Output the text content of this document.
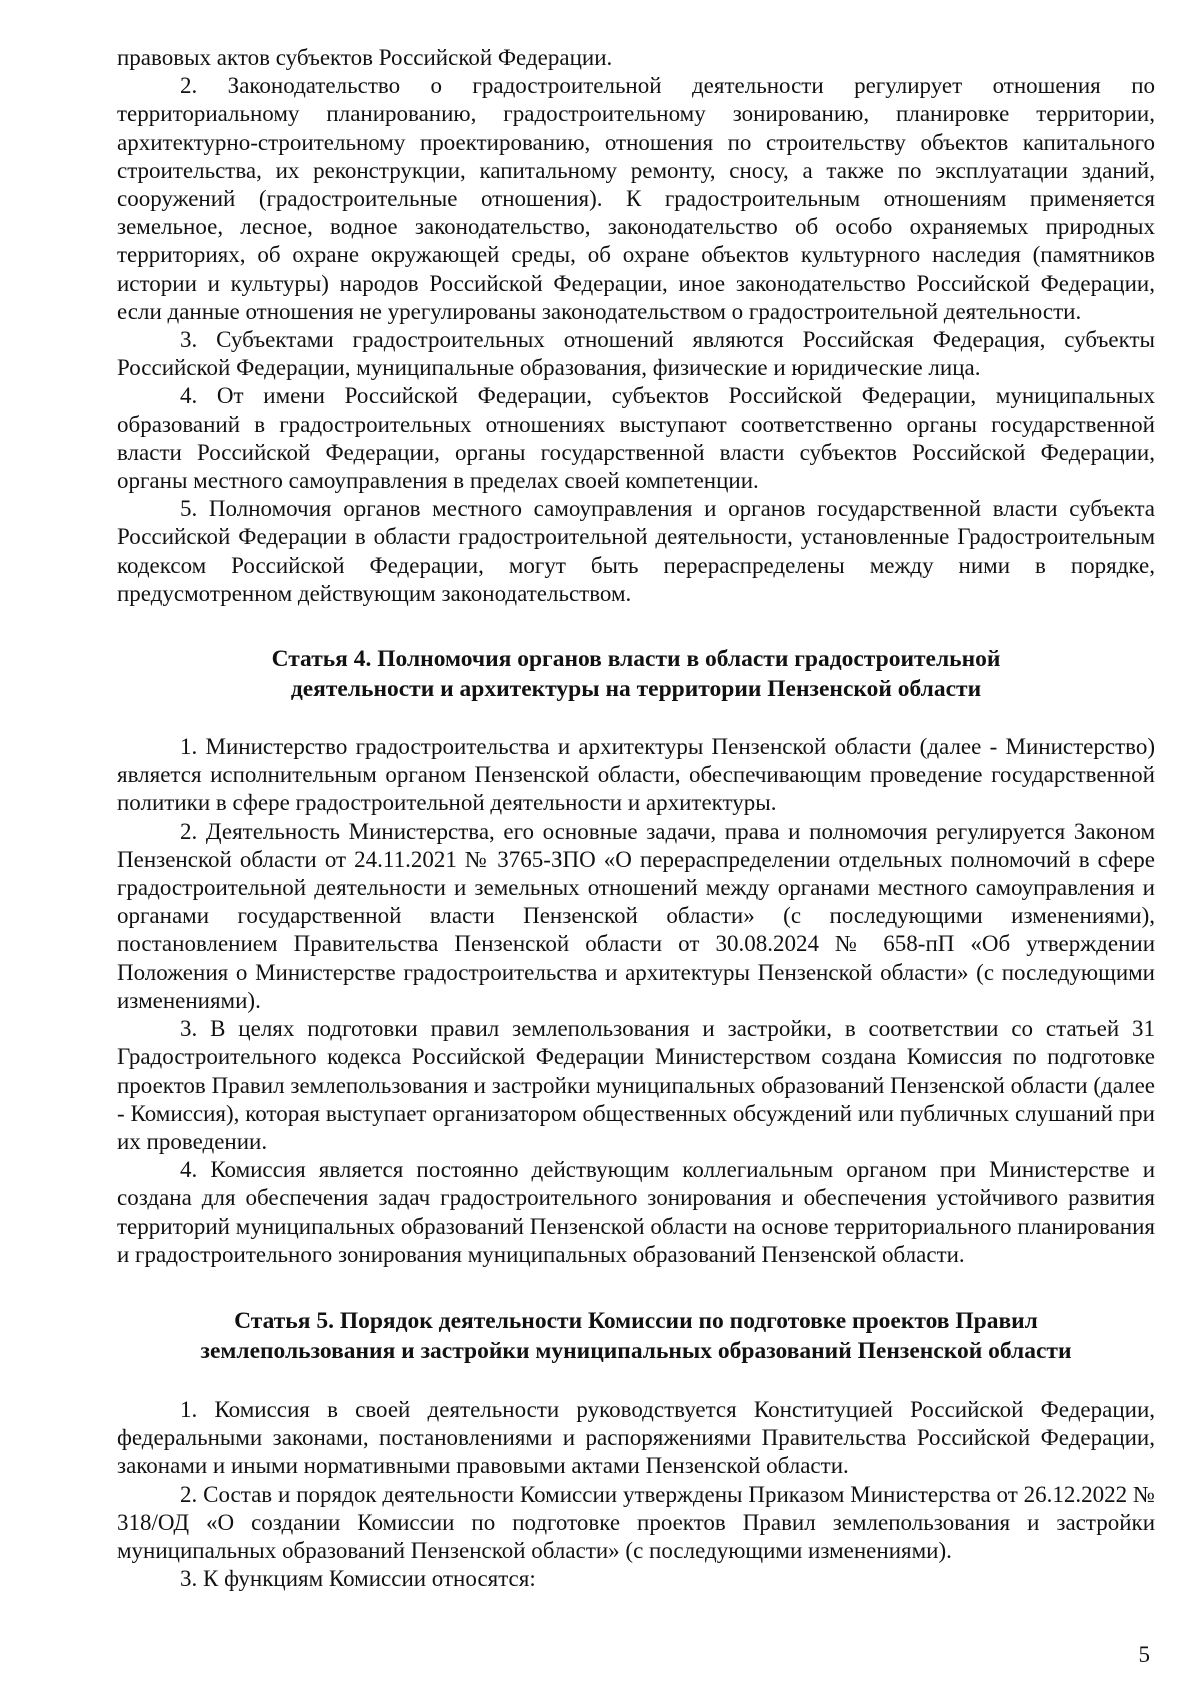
правовых актов субъектов Российской Федерации.

2. Законодательство о градостроительной деятельности регулирует отношения по территориальному планированию, градостроительному зонированию, планировке территории, архитектурно-строительному проектированию, отношения по строительству объектов капитального строительства, их реконструкции, капитальному ремонту, сносу, а также по эксплуатации зданий, сооружений (градостроительные отношения). К градостроительным отношениям применяется земельное, лесное, водное законодательство, законодательство об особо охраняемых природных территориях, об охране окружающей среды, об охране объектов культурного наследия (памятников истории и культуры) народов Российской Федерации, иное законодательство Российской Федерации, если данные отношения не урегулированы законодательством о градостроительной деятельности.

3. Субъектами градостроительных отношений являются Российская Федерация, субъекты Российской Федерации, муниципальные образования, физические и юридические лица.

4. От имени Российской Федерации, субъектов Российской Федерации, муниципальных образований в градостроительных отношениях выступают соответственно органы государственной власти Российской Федерации, органы государственной власти субъектов Российской Федерации, органы местного самоуправления в пределах своей компетенции.

5. Полномочия органов местного самоуправления и органов государственной власти субъекта Российской Федерации в области градостроительной деятельности, установленные Градостроительным кодексом Российской Федерации, могут быть перераспределены между ними в порядке, предусмотренном действующим законодательством.

Статья 4. Полномочия органов власти в области градостроительной
деятельности и архитектуры на территории Пензенской области

1. Министерство градостроительства и архитектуры Пензенской области (далее - Министерство) является исполнительным органом Пензенской области, обеспечивающим проведение государственной политики в сфере градостроительной деятельности и архитектуры.

2. Деятельность Министерства, его основные задачи, права и полномочия регулируется Законом Пензенской области от 24.11.2021 № 3765-ЗПО «О перераспределении отдельных полномочий в сфере градостроительной деятельности и земельных отношений между органами местного самоуправления и органами государственной власти Пензенской области» (с последующими изменениями), постановлением Правительства Пензенской области от 30.08.2024 № 658-пП «Об утверждении Положения о Министерстве градостроительства и архитектуры Пензенской области» (с последующими изменениями).

3. В целях подготовки правил землепользования и застройки, в соответствии со статьей 31 Градостроительного кодекса Российской Федерации Министерством создана Комиссия по подготовке проектов Правил землепользования и застройки муниципальных образований Пензенской области (далее - Комиссия), которая выступает организатором общественных обсуждений или публичных слушаний при их проведении.

4. Комиссия является постоянно действующим коллегиальным органом при Министерстве и создана для обеспечения задач градостроительного зонирования и обеспечения устойчивого развития территорий муниципальных образований Пензенской области на основе территориального планирования и градостроительного зонирования муниципальных образований Пензенской области.

Статья 5. Порядок деятельности Комиссии по подготовке проектов Правил
землепользования и застройки муниципальных образований Пензенской области

1. Комиссия в своей деятельности руководствуется Конституцией Российской Федерации, федеральными законами, постановлениями и распоряжениями Правительства Российской Федерации, законами и иными нормативными правовыми актами Пензенской области.

2. Состав и порядок деятельности Комиссии утверждены Приказом Министерства от 26.12.2022 № 318/ОД «О создании Комиссии по подготовке проектов Правил землепользования и застройки муниципальных образований Пензенской области» (с последующими изменениями).

3. К функциям Комиссии относятся:

5
